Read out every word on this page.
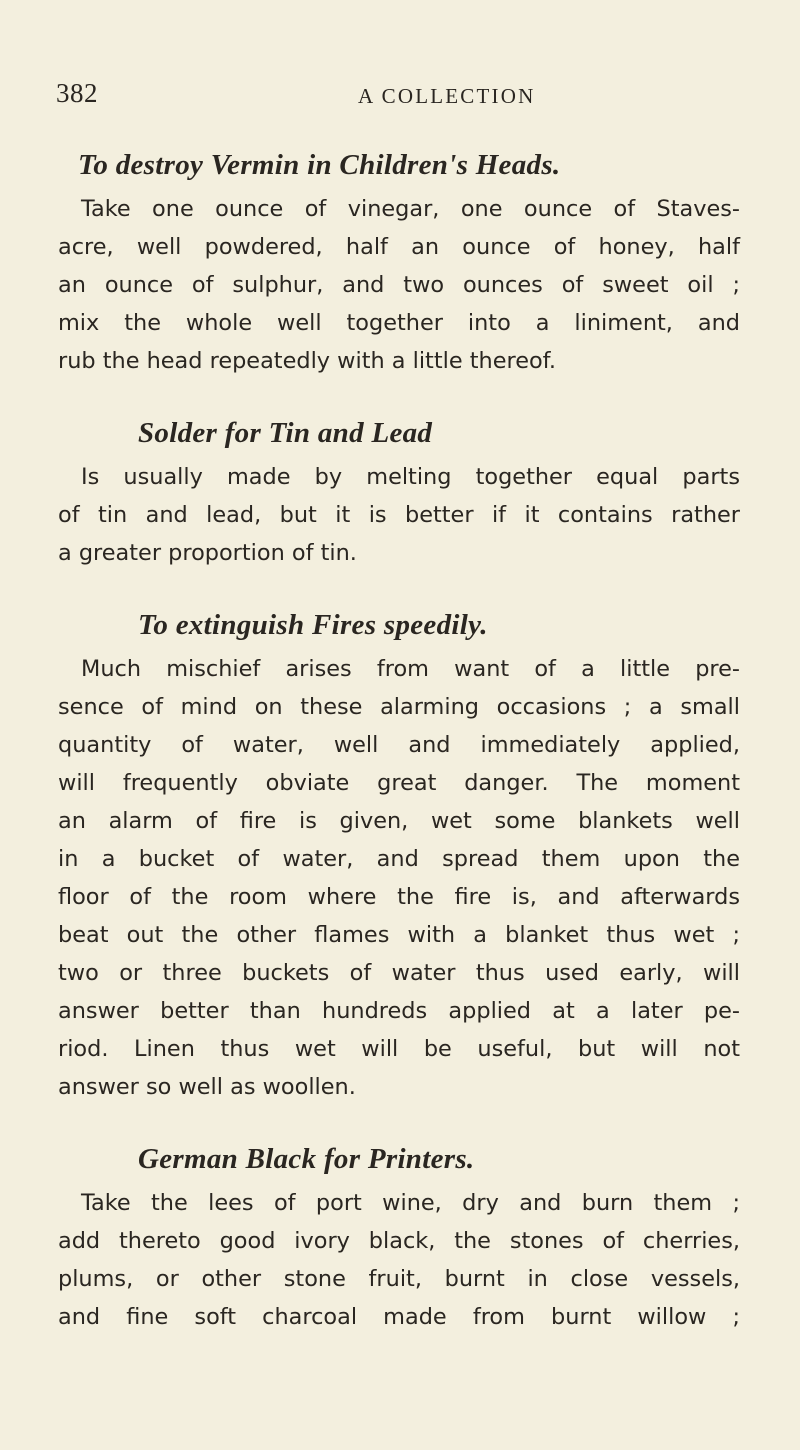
382	A COLLECTION
To destroy Vermin in Children's Heads.
Take one ounce of vinegar, one ounce of Staves-
acre, well powdered, half an ounce of honey, half
an ounce of sulphur, and two ounces of sweet oil ;
mix the whole well together into a liniment, and
rub the head repeatedly with a little thereof.
Solder for Tin and Lead
Is usually made by melting together equal parts
of tin and lead, but it is better if it contains rather
a greater proportion of tin.
To extinguish Fires speedily.
Much mischief arises from want of a little pre-
sence of mind on these alarming occasions ; a small
quantity of water, well and immediately applied,
will frequently obviate great danger. The moment
an alarm of fire is given, wet some blankets well
in a bucket of water, and spread them upon the
floor of the room where the fire is, and afterwards
beat out the other flames with a blanket thus wet ;
two or three buckets of water thus used early, will
answer better than hundreds applied at a later pe-
riod. Linen thus wet will be useful, but will not
answer so well as woollen.
German Black for Printers.
Take the lees of port wine, dry and burn them ;
add thereto good ivory black, the stones of cherries,
plums, or other stone fruit, burnt in close vessels,
and fine soft charcoal made from burnt willow ;
